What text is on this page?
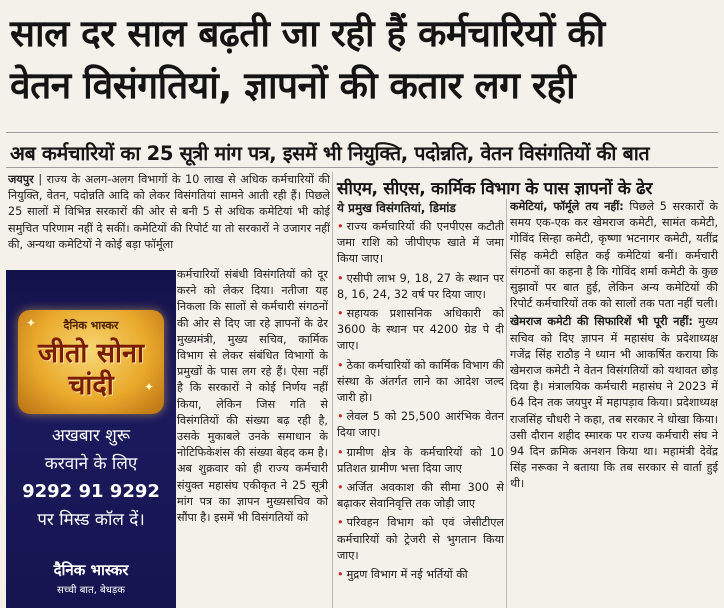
साल दर साल बढ़ती जा रही हैं कर्मचारियों की
वेतन विसंगतियां, ज्ञापनों की कतार लग रही
अब कर्मचारियों का 25 सूत्री मांग पत्र, इसमें भी नियुक्ति, पदोन्नति, वेतन विसंगतियों की बात
जयपुर | राज्य के अलग-अलग विभागों के 10 लाख से अधिक कर्मचारियों की नियुक्ति, वेतन, पदोन्नति आदि को लेकर विसंगतियां सामने आती रही हैं। पिछले 25 सालों में विभिन्न सरकारों की ओर से बनी 5 से अधिक कमेटियां भी कोई समुचित परिणाम नहीं दे सकीं। कमेटियों की रिपोर्ट या तो सरकारों ने उजागर नहीं की, अन्यथा कमेटियों ने कोई बड़ा फॉर्मूला
✦
✦
दैनिक भास्कर
जीतो सोना चांदी
अखबार शुरू
करवाने के लिए
9292 91 9292
पर मिस्ड कॉल दें।
दैनिक भास्कर
सच्ची बात, बेधड़क
कर्मचारियों संबंधी विसंगतियों को दूर करने को लेकर दिया। नतीजा यह निकला कि सालों से कर्मचारी संगठनों की ओर से दिए जा रहे ज्ञापनों के ढेर मुख्यमंत्री, मुख्य सचिव, कार्मिक विभाग से लेकर संबंधित विभागों के प्रमुखों के पास लग रहे हैं। ऐसा नहीं है कि सरकारों ने कोई निर्णय नहीं किया, लेकिन जिस गति से विसंगतियों की संख्या बढ़ रही है, उसके मुकाबले उनके समाधान के नोटिफिकेशंस की संख्या बेहद कम है। अब शुक्रवार को ही राज्य कर्मचारी संयुक्त महासंघ एकीकृत ने 25 सूत्री मांग पत्र का ज्ञापन मुख्यसचिव को सौंपा है। इसमें भी विसंगतियों को
सीएम, सीएस, कार्मिक विभाग के पास ज्ञापनों के ढेर
ये प्रमुख विसंगतियां, डिमांड
• राज्य कर्मचारियों की एनपीएस कटौती जमा राशि को जीपीएफ खाते में जमा किया जाए।
• एसीपी लाभ 9, 18, 27 के स्थान पर 8, 16, 24, 32 वर्ष पर दिया जाए।
• सहायक प्रशासनिक अधिकारी को 3600 के स्थान पर 4200 ग्रेड पे दी जाए।
• ठेका कर्मचारियों को कार्मिक विभाग की संस्था के अंतर्गत लाने का आदेश जल्द जारी हो।
• लेवल 5 को 25,500 आरंभिक वेतन दिया जाए।
• ग्रामीण क्षेत्र के कर्मचारियों को 10 प्रतिशत ग्रामीण भत्ता दिया जाए
• अर्जित अवकाश की सीमा 300 से बढ़ाकर सेवानिवृत्ति तक जोड़ी जाए
• परिवहन विभाग को एवं जेसीटीएल कर्मचारियों को ट्रेजरी से भुगतान किया जाए।
• मुद्रण विभाग में नई भर्तियों की
कमेटियां, फॉर्मूले तय नहीं: पिछले 5 सरकारों के समय एक-एक कर खेमराज कमेटी, सामंत कमेटी, गोविंद सिन्हा कमेटी, कृष्णा भटनागर कमेटी, यतींद्र सिंह कमेटी सहित कई कमेटियां बनीं। कर्मचारी संगठनों का कहना है कि गोविंद शर्मा कमेटी के कुछ सुझावों पर बात हुई, लेकिन अन्य कमेटियों की रिपोर्ट कर्मचारियों तक को सालों तक पता नहीं चली।
खेमराज कमेटी की सिफारिशें भी पूरी नहीं: मुख्य सचिव को दिए ज्ञापन में महासंघ के प्रदेशाध्यक्ष गजेंद्र सिंह राठौड़ ने ध्यान भी आकर्षित कराया कि खेमराज कमेटी ने वेतन विसंगतियों को यथावत छोड़ दिया है। मंत्रालयिक कर्मचारी महासंघ ने 2023 में 64 दिन तक जयपुर में महापड़ाव किया। प्रदेशाध्यक्ष राजसिंह चौधरी ने कहा, तब सरकार ने धोखा किया। उसी दौरान शहीद स्मारक पर राज्य कर्मचारी संघ ने 94 दिन क्रमिक अनशन किया था। महामंत्री देवेंद्र सिंह नरूका ने बताया कि तब सरकार से वार्ता हुई थी।
